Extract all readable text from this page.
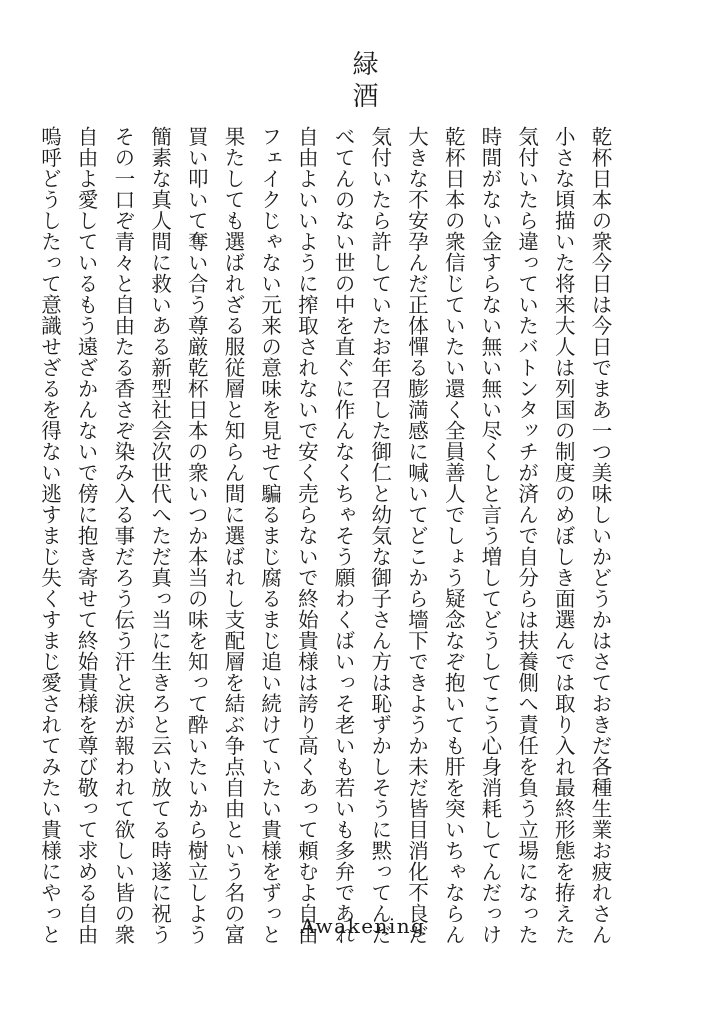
緑酒
乾杯日本の衆今日は今日でまあ一つ美味しいかどうかはさておきだ各種生業お疲れさん
小さな頃描いた将来大人は列国の制度のめぼしき面選んでは取り入れ最終形態を拵えた
気付いたら違っていたバトンタッチが済んで自分らは扶養側へ責任を負う立場になった
時間がない金すらない無い無い尽くしと言う増してどうしてこう心身消耗してんだっけ
乾杯日本の衆信じていたい還く全員善人でしょう疑念なぞ抱いても肝を突いちゃならん
大きな不安孕んだ正体憚る膨満感に喊いてどこから墻下できようか未だ皆目消化不良だ
気付いたら許していたお年召した御仁と幼気な御子さん方は恥ずかしそうに黙ってんだ
べてんのない世の中を直ぐに作んなくちゃそう願わくばいっそ老いも若いも多弁であれ
自由よいいように搾取されないで安く売らないで終始貴様は誇り高くあって頼むよ自由
フェイクじゃない元来の意味を見せて騙るまじ腐るまじ追い続けていたい貴様をずっと
果たしても選ばれざる服従層と知らん間に選ばれし支配層を結ぶ争点自由という名の富
買い叩いて奪い合う尊厳乾杯日本の衆いつか本当の味を知って酔いたいから樹立しよう
簡素な真人間に救いある新型社会次世代へただ真っ当に生きろと云い放てる時遂に祝う
その一口ぞ青々と自由たる香さぞ染み入る事だろう伝う汗と涙が報われて欲しい皆の衆
自由よ愛しているもう遠ざかんないで傍に抱き寄せて終始貴様を尊び敬って求める自由
嗚呼どうしたって意識せざるを得ない逃すまじ失くすまじ愛されてみたい貴様にやっと	Awakening
